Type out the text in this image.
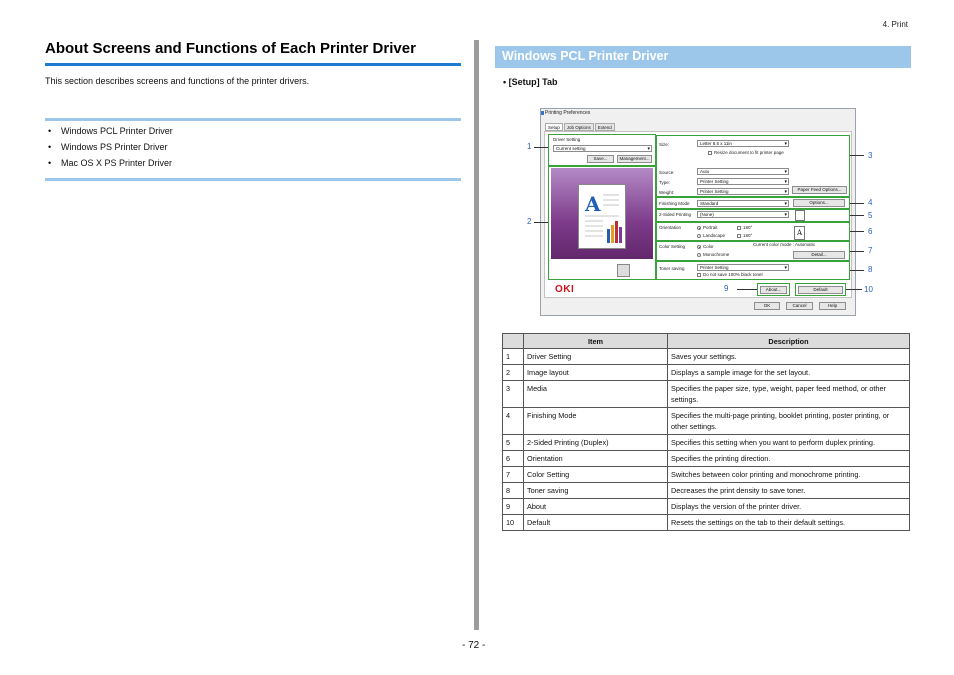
4. Print
About Screens and Functions of Each Printer Driver
This section describes screens and functions of the printer drivers.
• Windows PCL Printer Driver
• Windows PS Printer Driver
• Mac OS X PS Printer Driver
Windows PCL Printer Driver
• [Setup] Tab
Printing Preferences
Setup	Job Options	Extend
Driver Setting
Current setting ▾
Save...	Management...
A
Size:	Letter 8.5 x 11in ▾
Resize document to fit printer page
Source:	Auto ▾
Type:	Printer Setting ▾
Weight:	Printer Setting ▾	Paper Feed Options...
Finishing Mode	Standard ▾	Options...
2-Sided Printing	(None) ▾
Orientation	Portrait
Landscape
180°
180°	A
Color Setting	Color
Monochrome
Current color mode : Automatic
Detail...
Toner saving	Printer Setting ▾
Do not save 100% black toner
About...	Default
OKI
OK	Cancel	Help
1
2
3
4
5
6
7
8
9	10
	Item	Description
1	Driver Setting	Saves your settings.
2	Image layout	Displays a sample image for the set layout.
3	Media	Specifies the paper size, type, weight, paper feed method, or other settings.
4	Finishing Mode	Specifies the multi-page printing, booklet printing, poster printing, or other settings.
5	2-Sided Printing (Duplex)	Specifies this setting when you want to perform duplex printing.
6	Orientation	Specifies the printing direction.
7	Color Setting	Switches between color printing and monochrome printing.
8	Toner saving	Decreases the print density to save toner.
9	About	Displays the version of the printer driver.
10	Default	Resets the settings on the tab to their default settings.
- 72 -
